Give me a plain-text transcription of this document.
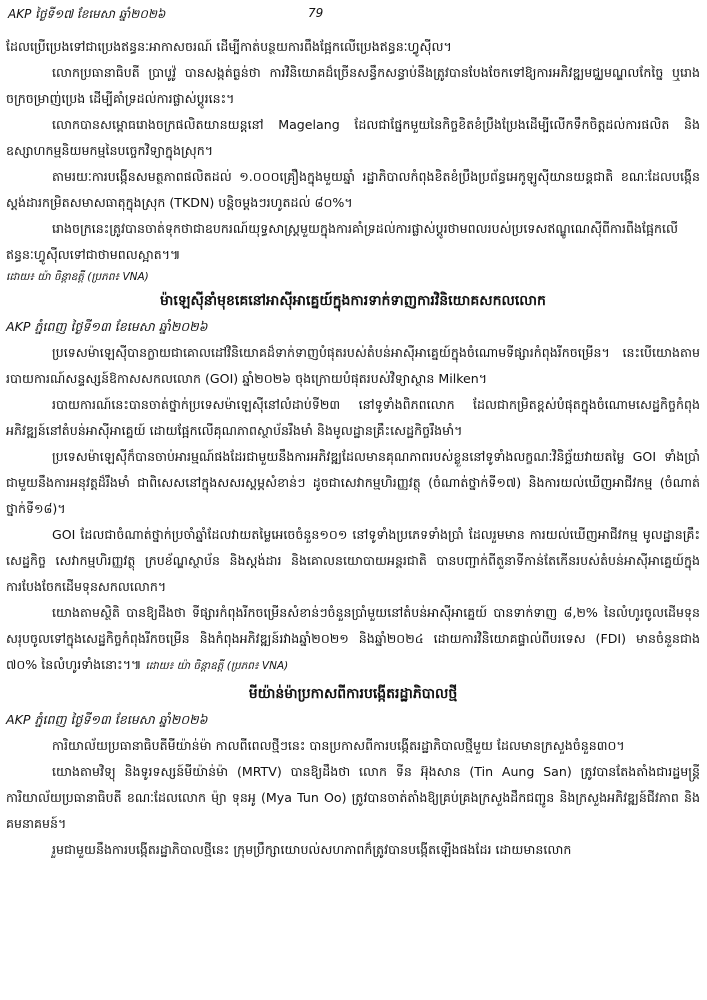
AKP ថ្ងៃទី១៧ ខែមេសា ឆ្នាំ២០២៦	79

ដែលប្រើប្រេងទៅជាប្រេងឥន្ធនៈអាកាសចរណ៍ ដើម្បីកាត់បន្ថយការពឹងផ្អែកលើប្រេងឥន្ធនៈហ្វូស៊ីល។

លោកប្រធានាធិបតី ប្រាបូវ៉ូ បានសង្កត់ធ្ងន់ថា ការវិនិយោគដ៏ច្រើនសន្ធឹកសន្ធាប់នឹងត្រូវបានបែងចែកទៅឱ្យការអភិវឌ្ឍមជ្ឈមណ្ឌលកែច្នៃ ឬរោងចក្រចម្រាញ់ប្រេង ដើម្បីគាំទ្រដល់ការផ្លាស់ប្តូរនេះ។

លោកបានសម្ពោធរោងចក្រផលិតយានយន្តនៅ Magelang ដែលជាផ្នែកមួយនៃកិច្ចខិតខំប្រឹងប្រែងដើម្បីលើកទឹកចិត្តដល់ការផលិត និងឧស្សាហកម្មនិយមកម្មនៃបច្ចេកវិទ្យាក្នុងស្រុក។

តាមរយៈការបង្កើនសមត្ថភាពផលិតដល់ ១.០០០គ្រឿងក្នុងមួយឆ្នាំ រដ្ឋាភិបាលកំពុងខិតខំប្រឹងប្រព័ន្ធអេកូឡូស៊ីយានយន្តជាតិ ខណៈដែលបង្កើនស្តង់ដារកម្រិតសមាសធាតុក្នុងស្រុក (TKDN) បន្តិចម្តងៗរហូតដល់ ៨០%។

រោងចក្រនេះត្រូវបានចាត់ទុកថាជាឧបករណ៍យុទ្ធសាស្ត្រមួយក្នុងការគាំទ្រដល់ការផ្លាស់ប្តូរថាមពលរបស់ប្រទេសឥណ្ឌូណេស៊ីពីការពឹងផ្អែកលើឥន្ធនៈហ្វូស៊ីលទៅជាថាមពលស្អាត។៕

ដោយ៖ យ៉ា ចិន្តាឧត្តី (ប្រភព៖ VNA)
ម៉ាឡេស៊ីនាំមុខគេនៅអាស៊ីអាគ្នេយ៍ក្នុងការទាក់ទាញការវិនិយោគសកលលោក
AKP ភ្នំពេញ ថ្ងៃទី១៣ ខែមេសា ឆ្នាំ២០២៦

ប្រទេសម៉ាឡេស៊ីបានក្លាយជាគោលដៅវិនិយោគដ៏ទាក់ទាញបំផុតរបស់តំបន់អាស៊ីអាគ្នេយ៍ក្នុងចំណោមទីផ្សារកំពុងរីកចម្រើន។ នេះបើយោងតាមរបាយការណ៍សន្ទស្សន៍ឱកាសសកលលោក (GOI) ឆ្នាំ២០២៦ ចុងក្រោយបំផុតរបស់វិទ្យាស្ថាន Milken។

របាយការណ៍នេះបានចាត់ថ្នាក់ប្រទេសម៉ាឡេស៊ីនៅលំដាប់ទី២៣ នៅទូទាំងពិភពលោក ដែលជាកម្រិតខ្ពស់បំផុតក្នុងចំណោមសេដ្ឋកិច្ចកំពុងអភិវឌ្ឍន៍នៅតំបន់អាស៊ីអាគ្នេយ៍ ដោយផ្អែកលើគុណភាពស្ថាប័នរឹងមាំ និងមូលដ្ឋានគ្រឹះសេដ្ឋកិច្ចរឹងមាំ។

ប្រទេសម៉ាឡេស៊ីក៏បានចាប់អារម្មណ៍ផងដែរជាមួយនឹងការអភិវឌ្ឍដែលមានគុណភាពរបស់ខ្លួននៅទូទាំងលក្ខណៈវិនិច្ឆ័យវាយតម្លៃ GOI ទាំងប្រាំ ជាមួយនឹងការអនុវត្តដ៏រឹងមាំ ជាពិសេសនៅក្នុងសសរស្តម្ភសំខាន់ៗ ដូចជាសេវាកម្មហិរញ្ញវត្ថុ (ចំណាត់ថ្នាក់ទី១៧) និងការយល់ឃើញអាជីវកម្ម (ចំណាត់ថ្នាក់ទី១៨)។

GOI ដែលជាចំណាត់ថ្នាក់ប្រចាំឆ្នាំដែលវាយតម្លៃអេចេចំនួន១០១ នៅទូទាំងប្រភេទទាំងប្រាំ ដែលរួមមាន ការយល់ឃើញអាជីវកម្ម មូលដ្ឋានគ្រឹះសេដ្ឋកិច្ច សេវាកម្មហិរញ្ញវត្ថុ ក្របខ័ណ្ឌស្ថាប័ន និងស្តង់ដារ និងគោលនយោបាយអន្តរជាតិ បានបញ្ជាក់ពីតួនាទីកាន់តែកើនរបស់តំបន់អាស៊ីអាគ្នេយ៍ក្នុងការបែងចែកដើមទុនសកលលោក។

យោងតាមស្ថិតិ បានឱ្យដឹងថា ទីផ្សារកំពុងរីកចម្រើនសំខាន់ៗចំនួនប្រាំមួយនៅតំបន់អាស៊ីអាគ្នេយ៍ បានទាក់ទាញ ៨,២% នៃលំហូរចូលដើមទុនសរុបចូលទៅក្នុងសេដ្ឋកិច្ចកំពុងរីកចម្រើន និងកំពុងអភិវឌ្ឍន៍រវាងឆ្នាំ២០២១ និងឆ្នាំ២០២៤ ដោយការវិនិយោគផ្ទាល់ពីបរទេស (FDI) មានចំនួនជាង ៧០% នៃលំហូរទាំងនោះ។៕ ដោយ៖ យ៉ា ចិន្តាឧត្តី (ប្រភព៖ VNA)

មីយ៉ាន់ម៉ាប្រកាសពីការបង្កើតរដ្ឋាភិបាលថ្មី
AKP ភ្នំពេញ ថ្ងៃទី១៣ ខែមេសា ឆ្នាំ២០២៦

ការិយាល័យប្រធានាធិបតីមីយ៉ាន់ម៉ា កាលពីពេលថ្មីៗនេះ បានប្រកាសពីការបង្កើតរដ្ឋាភិបាលថ្មីមួយ ដែលមានក្រសួងចំនួន៣០។

យោងតាមវិទ្យុ និងទូរទស្សន៍មីយ៉ាន់ម៉ា (MRTV) បានឱ្យដឹងថា លោក ទីន អ៊ុងសាន (Tin Aung San) ត្រូវបានតែងតាំងជារដ្ឋមន្ត្រីការិយាល័យប្រធានាធិបតី ខណៈដែលលោក ម៉្យា ទុនអូ (Mya Tun Oo) ត្រូវបានចាត់តាំងឱ្យគ្រប់គ្រងក្រសួងដឹកជញ្ជូន និងក្រសួងអភិវឌ្ឍន៍ជីវភាព និងគមនាគមន៍។

រួមជាមួយនឹងការបង្កើតរដ្ឋាភិបាលថ្មីនេះ ក្រុមប្រឹក្សាយោបល់សហភាពក៏ត្រូវបានបង្កើតឡើងផងដែរ ដោយមានលោក
